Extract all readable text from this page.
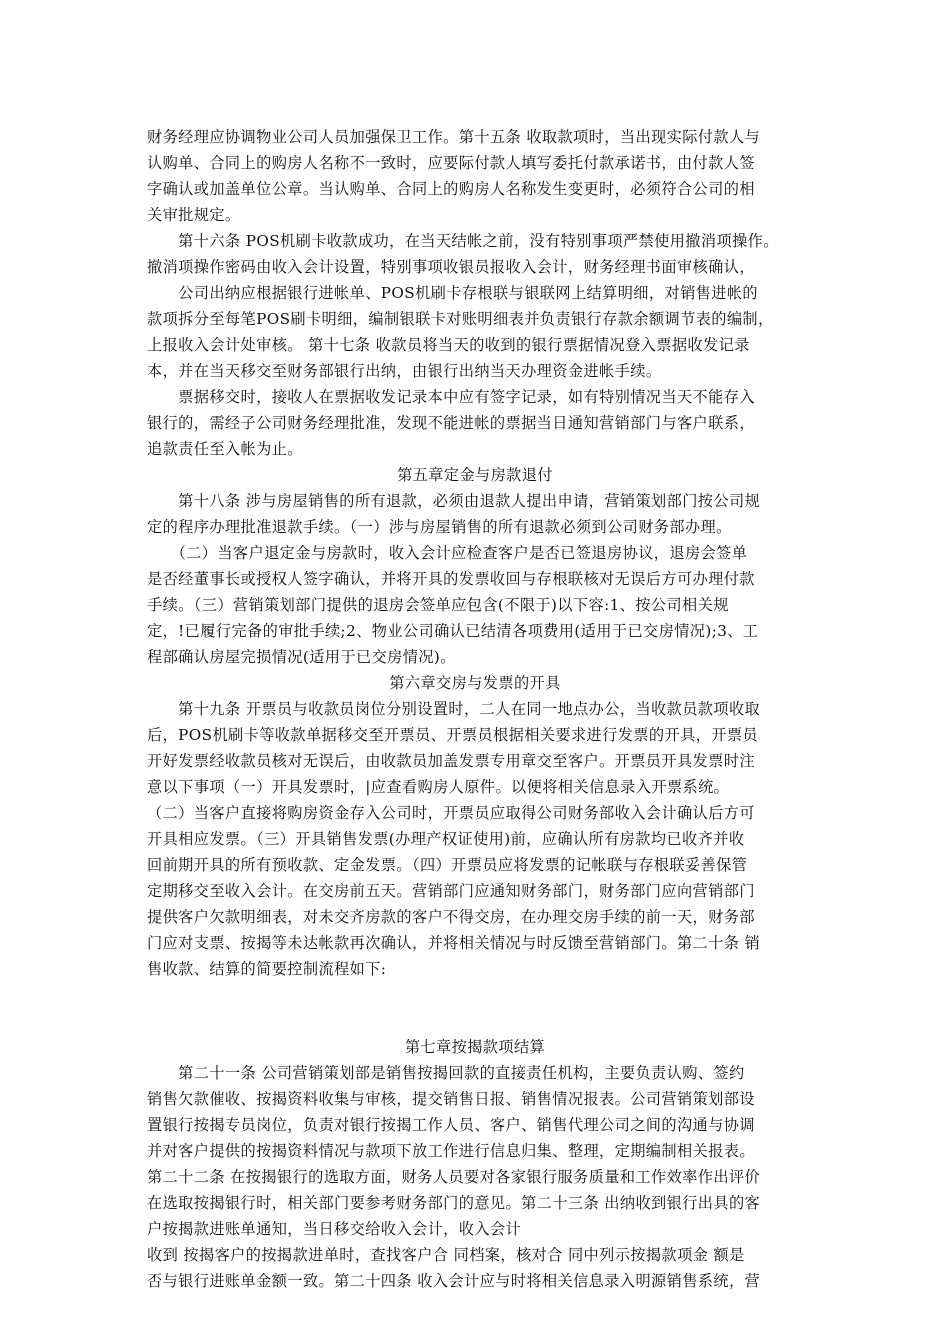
财务经理应协调物业公司人员加强保卫工作。第十五条 收取款项时，当出现实际付款人与
认购单、合同上的购房人名称不一致时，应要际付款人填写委托付款承诺书，由付款人签
字确认或加盖单位公章。当认购单、合同上的购房人名称发生变更时，必须符合公司的相
关审批规定。
　　第十六条 POS机刷卡收款成功，在当天结帐之前，没有特别事项严禁使用撤消项操作。
撤消项操作密码由收入会计设置，特别事项收银员报收入会计，财务经理书面审核确认，
　　公司出纳应根据银行进帐单、POS机刷卡存根联与银联网上结算明细，对销售进帐的
款项拆分至每笔POS刷卡明细，编制银联卡对账明细表并负责银行存款余额调节表的编制，
上报收入会计处审核。 第十七条 收款员将当天的收到的银行票据情况登入票据收发记录
本，并在当天移交至财务部银行出纳，由银行出纳当天办理资金进帐手续。
　　票据移交时，接收人在票据收发记录本中应有签字记录，如有特别情况当天不能存入
银行的，需经子公司财务经理批准，发现不能进帐的票据当日通知营销部门与客户联系，
追款责任至入帐为止。
第五章定金与房款退付
　　第十八条 涉与房屋销售的所有退款，必须由退款人提出申请，营销策划部门按公司规
定的程序办理批准退款手续。（一）涉与房屋销售的所有退款必须到公司财务部办理。
　　（二）当客户退定金与房款时，收入会计应检查客户是否已签退房协议，退房会签单
是否经董事长或授权人签字确认，并将开具的发票收回与存根联核对无误后方可办理付款
手续。（三）营销策划部门提供的退房会签单应包含(不限于)以下容:1、按公司相关规
定，!已履行完备的审批手续;2、物业公司确认已结清各项费用(适用于已交房情况);3、工
程部确认房屋完损情况(适用于已交房情况)。
第六章交房与发票的开具
　　第十九条 开票员与收款员岗位分别设置时，二人在同一地点办公，当收款员款项收取
后，POS机刷卡等收款单据移交至开票员、开票员根据相关要求进行发票的开具，开票员
开好发票经收款员核对无误后，由收款员加盖发票专用章交至客户。开票员开具发票时注
意以下事项（一）开具发票时，|应查看购房人原件。以便将相关信息录入开票系统。
（二）当客户直接将购房资金存入公司时，开票员应取得公司财务部收入会计确认后方可
开具相应发票。（三）开具销售发票(办理产权证使用)前，应确认所有房款均已收齐并收
回前期开具的所有预收款、定金发票。（四）开票员应将发票的记帐联与存根联妥善保管
定期移交至收入会计。在交房前五天。营销部门应通知财务部门，财务部门应向营销部门
提供客户欠款明细表，对未交齐房款的客户不得交房，在办理交房手续的前一天，财务部
门应对支票、按揭等未达帐款再次确认，并将相关情况与时反馈至营销部门。第二十条 销
售收款、结算的简要控制流程如下:
第七章按揭款项结算
　　第二十一条 公司营销策划部是销售按揭回款的直接责任机构，主要负责认购、签约
销售欠款催收、按揭资料收集与审核，提交销售日报、销售情况报表。公司营销策划部设
置银行按揭专员岗位，负责对银行按揭工作人员、客户、销售代理公司之间的沟通与协调
并对客户提供的按揭资料情况与款项下放工作进行信息归集、整理，定期编制相关报表。
第二十二条 在按揭银行的选取方面，财务人员要对各家银行服务质量和工作效率作出评价
在选取按揭银行时，相关部门要参考财务部门的意见。第二十三条 出纳收到银行出具的客
户按揭款进账单通知，当日移交给收入会计，收入会计
收到 按揭客户的按揭款进单时，查找客户合 同档案，核对合 同中列示按揭款项金 额是
否与银行进账单金额一致。第二十四条 收入会计应与时将相关信息录入明源销售系统，营
